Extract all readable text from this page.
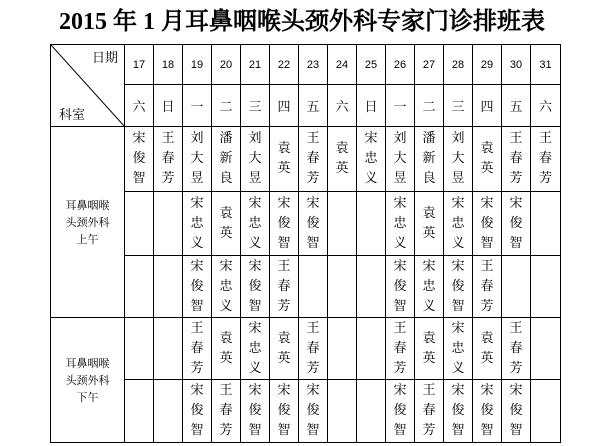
2015 年 1 月耳鼻咽喉头颈外科专家门诊排班表
日期
科室	17	18	19	20	21	22	23	24	25	26	27	28	29	30	31
	六	日	一	二	三	四	五	六	日	一	二	三	四	五	六

耳鼻咽喉
头颈外科
上午	宋
俊
智	王
春
芳	刘
大
昱	潘
新
良	刘
大
昱	袁
英	王
春
芳	袁
英	宋
忠
义	刘
大
昱	潘
新
良	刘
大
昱	袁
英	王
春
芳	王
春
芳

			宋
忠
义	袁
英	宋
忠
义	宋
俊
智	宋
俊
智			宋
忠
义	袁
英	宋
忠
义	宋
俊
智	宋
俊
智	

			宋
俊
智	宋
忠
义	宋
俊
智	王
春
芳				宋
俊
智	宋
忠
义	宋
俊
智	王
春
芳		

耳鼻咽喉
头颈外科
下午			王
春
芳	袁
英	宋
忠
义	袁
英	王
春
芳			王
春
芳	袁
英	宋
忠
义	袁
英	王
春
芳	

			宋
俊
智	王
春
芳	宋
俊
智	宋
俊
智	宋
俊
智			宋
俊
智	王
春
芳	宋
俊
智	宋
俊
智	宋
俊
智	
